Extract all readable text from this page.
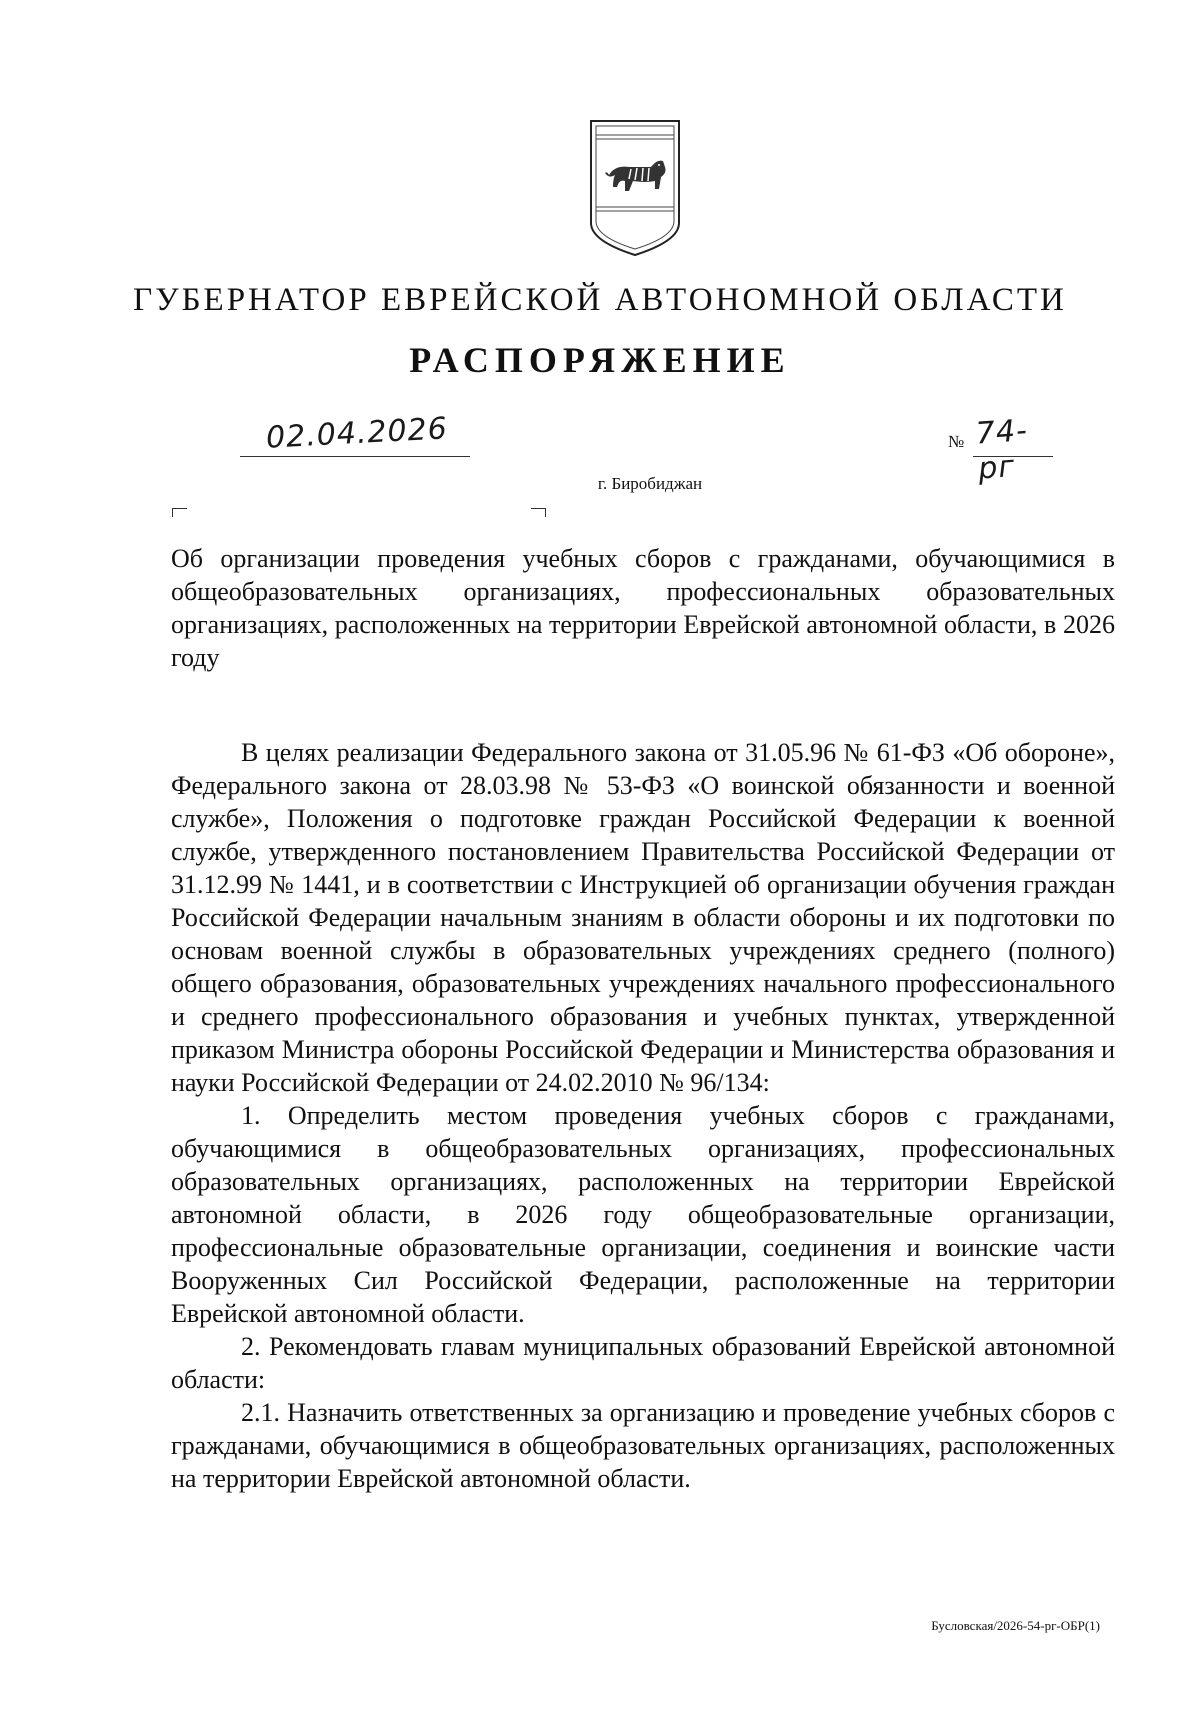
ГУБЕРНАТОР ЕВРЕЙСКОЙ АВТОНОМНОЙ ОБЛАСТИ
РАСПОРЯЖЕНИЕ
02.04.2026	№ 74-рг
г. Биробиджан

Об организации проведения учебных сборов с гражданами, обучающимися в общеобразовательных организациях, профессиональных образовательных организациях, расположенных на территории Еврейской автономной области, в 2026 году

В целях реализации Федерального закона от 31.05.96 № 61-ФЗ «Об обороне», Федерального закона от 28.03.98 № 53-ФЗ «О воинской обязанности и военной службе», Положения о подготовке граждан Российской Федерации к военной службе, утвержденного постановлением Правительства Российской Федерации от 31.12.99 № 1441, и в соответствии с Инструкцией об организации обучения граждан Российской Федерации начальным знаниям в области обороны и их подготовки по основам военной службы в образовательных учреждениях среднего (полного) общего образования, образовательных учреждениях начального профессионального и среднего профессионального образования и учебных пунктах, утвержденной приказом Министра обороны Российской Федерации и Министерства образования и науки Российской Федерации от 24.02.2010 № 96/134:

1. Определить местом проведения учебных сборов с гражданами, обучающимися в общеобразовательных организациях, профессиональных образовательных организациях, расположенных на территории Еврейской автономной области, в 2026 году общеобразовательные организации, профессиональные образовательные организации, соединения и воинские части Вооруженных Сил Российской Федерации, расположенные на территории Еврейской автономной области.

2. Рекомендовать главам муниципальных образований Еврейской автономной области:

2.1. Назначить ответственных за организацию и проведение учебных сборов с гражданами, обучающимися в общеобразовательных организациях, расположенных на территории Еврейской автономной области.

Бусловская/2026-54-рг-ОБР(1)
